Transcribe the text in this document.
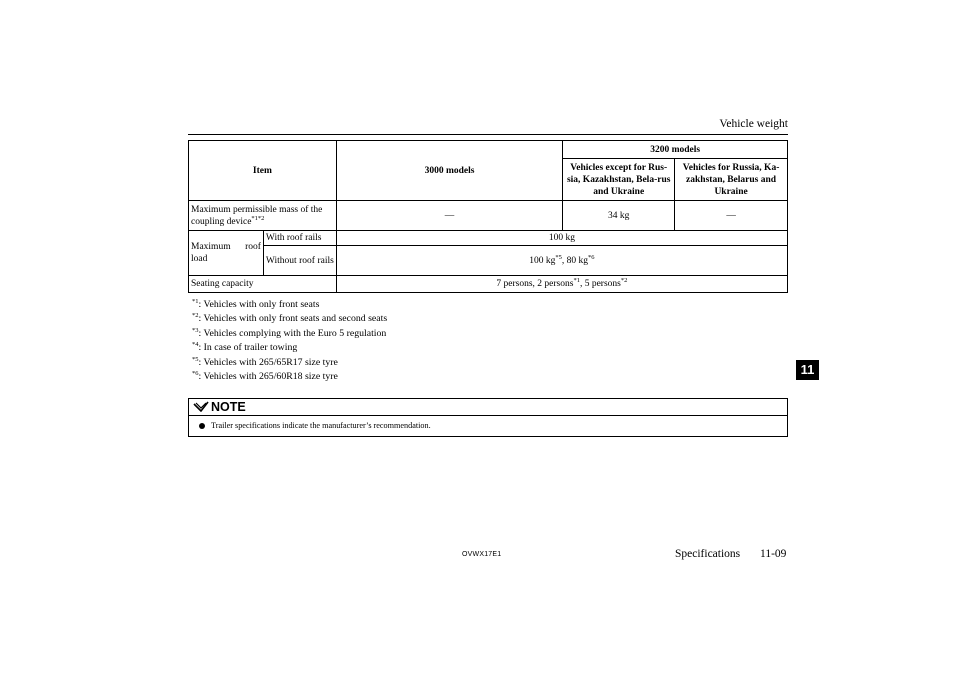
Vehicle weight
Item		3000 models	3200 models	
			Vehicles except for Rus-sia, Kazakhstan, Bela-rus and Ukraine	Vehicles for Russia, Ka-zakhstan, Belarus and Ukraine
Maximum permissible mass of the coupling device$^{*1*2}$		—	34 kg	—
Maximum roof load	With roof rails	100 kg		
	Without roof rails	100 $kg^{*5}$, 80 $kg^{*6}$
Seating capacity		7 persons, 2 persons$^{*1}$, 5 persons$^{*2}$
$^{*1}$: Vehicles with only front seats
$^{*2}$: Vehicles with only front seats and second seats
$^{*3}$: Vehicles complying with the Euro 5 regulation
$^{*4}$: In case of trailer towing
$^{*5}$: Vehicles with 265/65R17 size tyre
$^{*6}$: Vehicles with 265/60R18 size tyre
NOTE
Trailer specifications indicate the manufacturer’s recommendation.
11
OVWX17E1	Specifications 11-09
